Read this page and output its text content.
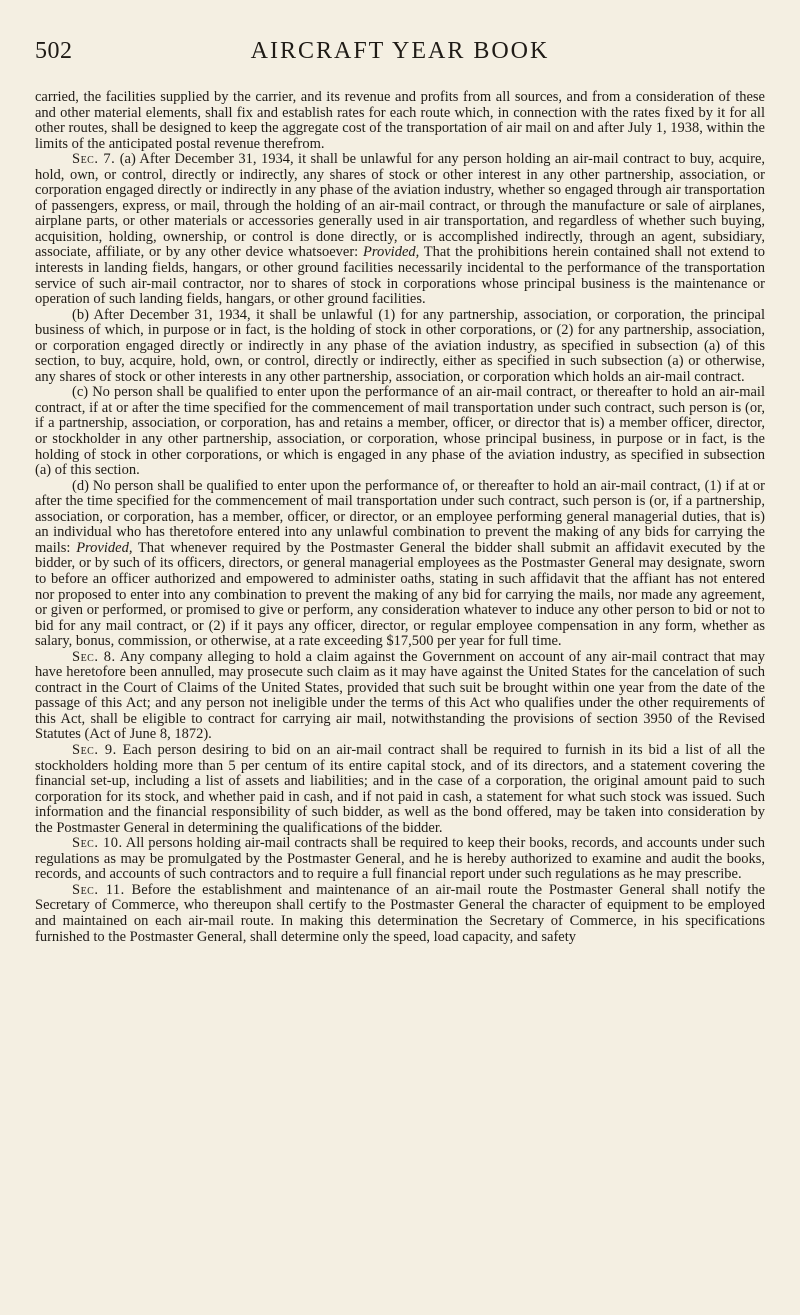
502	AIRCRAFT YEAR BOOK

carried, the facilities supplied by the carrier, and its revenue and profits from all sources, and from a consideration of these and other material elements, shall fix and establish rates for each route which, in connection with the rates fixed by it for all other routes, shall be designed to keep the aggregate cost of the transportation of air mail on and after July 1, 1938, within the limits of the anticipated postal revenue therefrom.

Sec. 7. (a) After December 31, 1934, it shall be unlawful for any person holding an air-mail contract to buy, acquire, hold, own, or control, directly or indirectly, any shares of stock or other interest in any other partnership, association, or corporation engaged directly or indirectly in any phase of the aviation industry, whether so engaged through air transportation of passengers, express, or mail, through the holding of an air-mail contract, or through the manufacture or sale of airplanes, airplane parts, or other materials or accessories generally used in air transportation, and regardless of whether such buying, acquisition, holding, ownership, or control is done directly, or is accomplished indirectly, through an agent, subsidiary, associate, affiliate, or by any other device whatsoever: Provided, That the prohibitions herein contained shall not extend to interests in landing fields, hangars, or other ground facilities necessarily incidental to the performance of the transportation service of such air-mail contractor, nor to shares of stock in corporations whose principal business is the maintenance or operation of such landing fields, hangars, or other ground facilities.

(b) After December 31, 1934, it shall be unlawful (1) for any partnership, association, or corporation, the principal business of which, in purpose or in fact, is the holding of stock in other corporations, or (2) for any partnership, association, or corporation engaged directly or indirectly in any phase of the aviation industry, as specified in subsection (a) of this section, to buy, acquire, hold, own, or control, directly or indirectly, either as specified in such subsection (a) or otherwise, any shares of stock or other interests in any other partnership, association, or corporation which holds an air-mail contract.

(c) No person shall be qualified to enter upon the performance of an air-mail contract, or thereafter to hold an air-mail contract, if at or after the time specified for the commencement of mail transportation under such contract, such person is (or, if a partnership, association, or corporation, has and retains a member, officer, or director that is) a member officer, director, or stockholder in any other partnership, association, or corporation, whose principal business, in purpose or in fact, is the holding of stock in other corporations, or which is engaged in any phase of the aviation industry, as specified in subsection (a) of this section.

(d) No person shall be qualified to enter upon the performance of, or thereafter to hold an air-mail contract, (1) if at or after the time specified for the commencement of mail transportation under such contract, such person is (or, if a partnership, association, or corporation, has a member, officer, or director, or an employee performing general managerial duties, that is) an individual who has theretofore entered into any unlawful combination to prevent the making of any bids for carrying the mails: Provided, That whenever required by the Postmaster General the bidder shall submit an affidavit executed by the bidder, or by such of its officers, directors, or general managerial employees as the Postmaster General may designate, sworn to before an officer authorized and empowered to administer oaths, stating in such affidavit that the affiant has not entered nor proposed to enter into any combination to prevent the making of any bid for carrying the mails, nor made any agreement, or given or performed, or promised to give or perform, any consideration whatever to induce any other person to bid or not to bid for any mail contract, or (2) if it pays any officer, director, or regular employee compensation in any form, whether as salary, bonus, commission, or otherwise, at a rate exceeding $17,500 per year for full time.

Sec. 8. Any company alleging to hold a claim against the Government on account of any air-mail contract that may have heretofore been annulled, may prosecute such claim as it may have against the United States for the cancelation of such contract in the Court of Claims of the United States, provided that such suit be brought within one year from the date of the passage of this Act; and any person not ineligible under the terms of this Act who qualifies under the other requirements of this Act, shall be eligible to contract for carrying air mail, notwithstanding the provisions of section 3950 of the Revised Statutes (Act of June 8, 1872).

Sec. 9. Each person desiring to bid on an air-mail contract shall be required to furnish in its bid a list of all the stockholders holding more than 5 per centum of its entire capital stock, and of its directors, and a statement covering the financial set-up, including a list of assets and liabilities; and in the case of a corporation, the original amount paid to such corporation for its stock, and whether paid in cash, and if not paid in cash, a statement for what such stock was issued. Such information and the financial responsibility of such bidder, as well as the bond offered, may be taken into consideration by the Postmaster General in determining the qualifications of the bidder.

Sec. 10. All persons holding air-mail contracts shall be required to keep their books, records, and accounts under such regulations as may be promulgated by the Postmaster General, and he is hereby authorized to examine and audit the books, records, and accounts of such contractors and to require a full financial report under such regulations as he may prescribe.

Sec. 11. Before the establishment and maintenance of an air-mail route the Postmaster General shall notify the Secretary of Commerce, who thereupon shall certify to the Postmaster General the character of equipment to be employed and maintained on each air-mail route. In making this determination the Secretary of Commerce, in his specifications furnished to the Postmaster General, shall determine only the speed, load capacity, and safety
